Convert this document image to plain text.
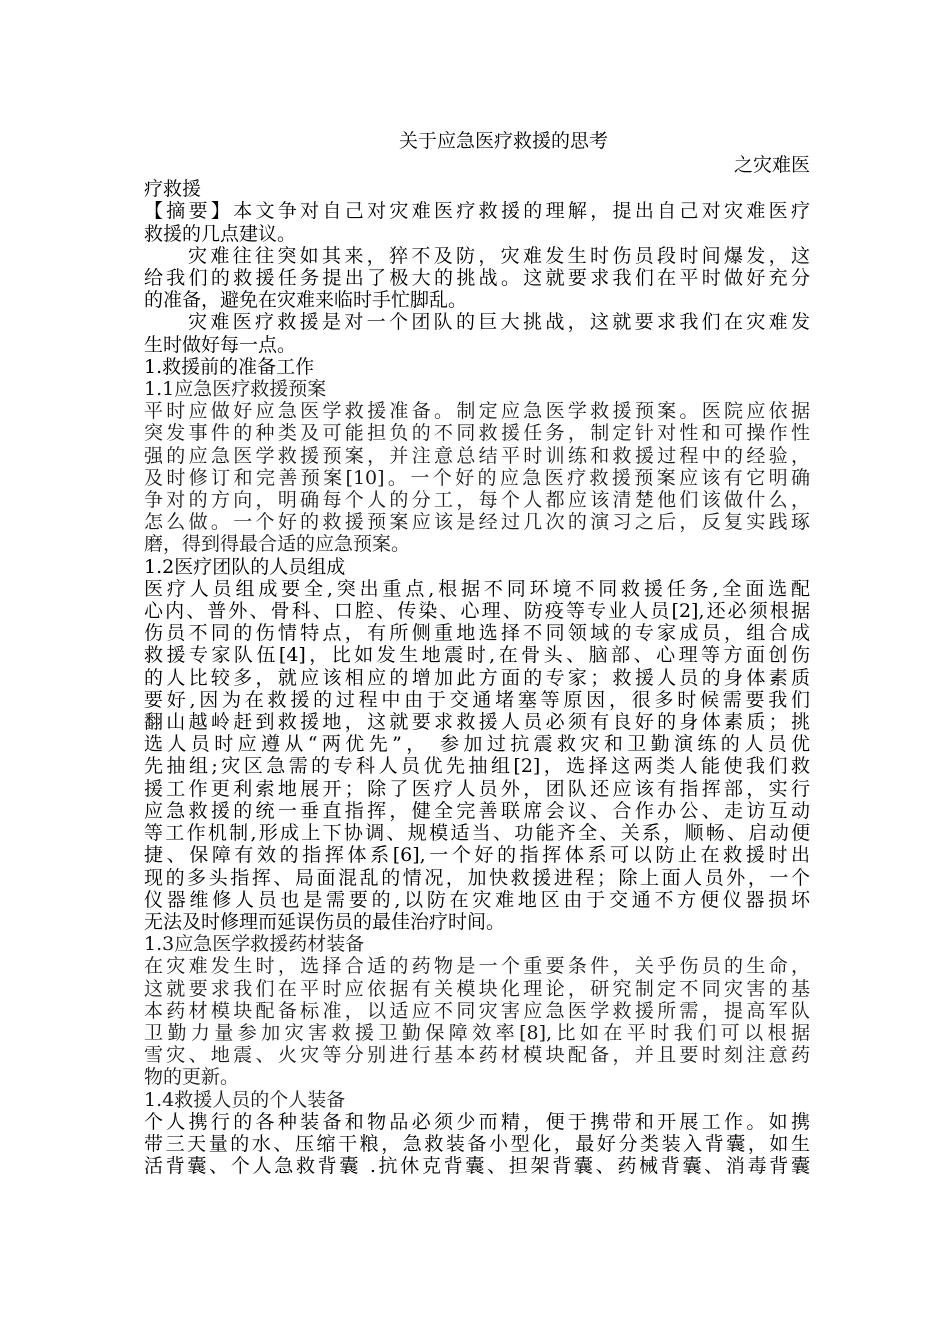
关于应急医疗救援的思考
之灾难医
疗救援
【摘要】本文争对自己对灾难医疗救援的理解，提出自己对灾难医疗
救援的几点建议。
灾难往往突如其来，猝不及防，灾难发生时伤员段时间爆发，这
给我们的救援任务提出了极大的挑战。这就要求我们在平时做好充分
的准备，避免在灾难来临时手忙脚乱。
灾难医疗救援是对一个团队的巨大挑战，这就要求我们在灾难发
生时做好每一点。
1.救援前的准备工作
1.1应急医疗救援预案
平时应做好应急医学救援准备。制定应急医学救援预案。医院应依据
突发事件的种类及可能担负的不同救援任务，制定针对性和可操作性
强的应急医学救援预案，并注意总结平时训练和救援过程中的经验，
及时修订和完善预案[10]。一个好的应急医疗救援预案应该有它明确
争对的方向，明确每个人的分工，每个人都应该清楚他们该做什么，
怎么做。一个好的救援预案应该是经过几次的演习之后，反复实践琢
磨，得到得最合适的应急预案。
1.2医疗团队的人员组成
医疗人员组成要全,突出重点,根据不同环境不同救援任务,全面选配
心内、普外、骨科、口腔、传染、心理、防疫等专业人员[2],还必须根据
伤员不同的伤情特点，有所侧重地选择不同领域的专家成员，组合成
救援专家队伍[4]，比如发生地震时,在骨头、脑部、心理等方面创伤
的人比较多，就应该相应的增加此方面的专家；救援人员的身体素质
要好,因为在救援的过程中由于交通堵塞等原因，很多时候需要我们
翻山越岭赶到救援地，这就要求救援人员必须有良好的身体素质；挑
选人员时应遵从“两优先”， 参加过抗震救灾和卫勤演练的人员优
先抽组;灾区急需的专科人员优先抽组[2]，选择这两类人能使我们救
援工作更利索地展开；除了医疗人员外，团队还应该有指挥部，实行
应急救援的统一垂直指挥，健全完善联席会议、合作办公、走访互动
等工作机制,形成上下协调、规模适当、功能齐全、关系，顺畅、启动便
捷、保障有效的指挥体系[6],一个好的指挥体系可以防止在救援时出
现的多头指挥、局面混乱的情况，加快救援进程；除上面人员外，一个
仪器维修人员也是需要的,以防在灾难地区由于交通不方便仪器损坏
无法及时修理而延误伤员的最佳治疗时间。
1.3应急医学救援药材装备
在灾难发生时，选择合适的药物是一个重要条件，关乎伤员的生命，
这就要求我们在平时应依据有关模块化理论，研究制定不同灾害的基
本药材模块配备标准，以适应不同灾害应急医学救援所需，提高军队
卫勤力量参加灾害救援卫勤保障效率[8],比如在平时我们可以根据
雪灾、地震、火灾等分别进行基本药材模块配备，并且要时刻注意药
物的更新。
1.4救援人员的个人装备
个人携行的各种装备和物品必须少而精，便于携带和开展工作。如携
带三天量的水、压缩干粮，急救装备小型化，最好分类装入背囊，如生
活背囊、个人急救背囊 .抗休克背囊、担架背囊、药械背囊、消毒背囊
